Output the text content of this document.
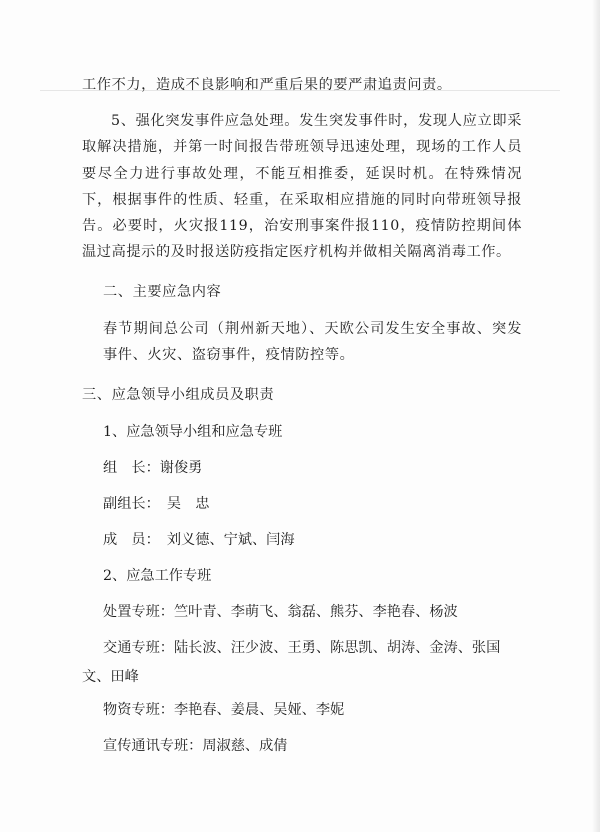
工作不力，造成不良影响和严重后果的要严肃追责问责。

5、强化突发事件应急处理。发生突发事件时，发现人应立即采取解决措施，并第一时间报告带班领导迅速处理，现场的工作人员要尽全力进行事故处理，不能互相推委，延误时机。在特殊情况下，根据事件的性质、轻重，在采取相应措施的同时向带班领导报告。必要时，火灾报119，治安刑事案件报110，疫情防控期间体温过高提示的及时报送防疫指定医疗机构并做相关隔离消毒工作。

二、主要应急内容

春节期间总公司（荆州新天地）、天欧公司发生安全事故、突发事件、火灾、盗窃事件，疫情防控等。

三、应急领导小组成员及职责

1、应急领导小组和应急专班
组　长：谢俊勇
副组长：　吴　忠
成　员：　刘义德、宁斌、闫海
2、应急工作专班
处置专班：竺叶青、李萌飞、翁磊、熊芬、李艳春、杨波
交通专班：陆长波、汪少波、王勇、陈思凯、胡涛、金涛、张国
文、田峰
物资专班：李艳春、姜晨、吴娅、李妮
宣传通讯专班：周淑慈、成倩
